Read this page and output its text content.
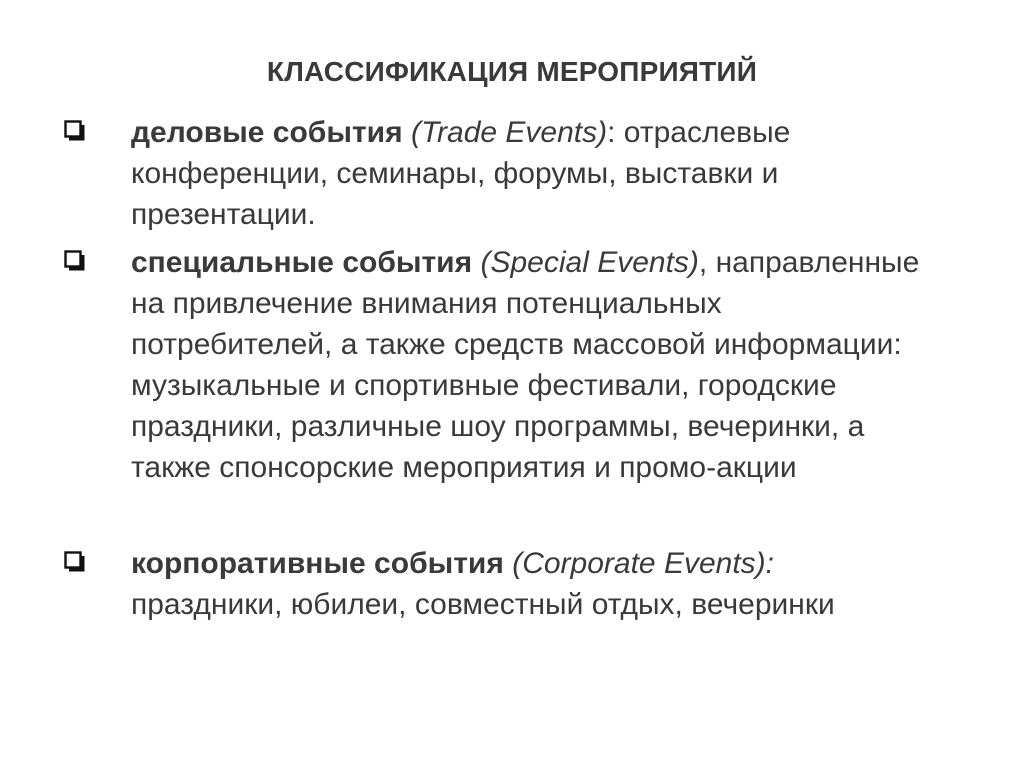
КЛАССИФИКАЦИЯ МЕРОПРИЯТИЙ
деловые события (Trade Events): отраслевые конференции, семинары, форумы, выставки и презентации.
специальные события (Special Events), направленные на привлечение внимания потенциальных потребителей, а также средств массовой информации: музыкальные и спортивные фестивали, городские праздники, различные шоу программы, вечеринки, а также спонсорские мероприятия и промо-акции
корпоративные события (Corporate Events): праздники, юбилеи, совместный отдых, вечеринки
